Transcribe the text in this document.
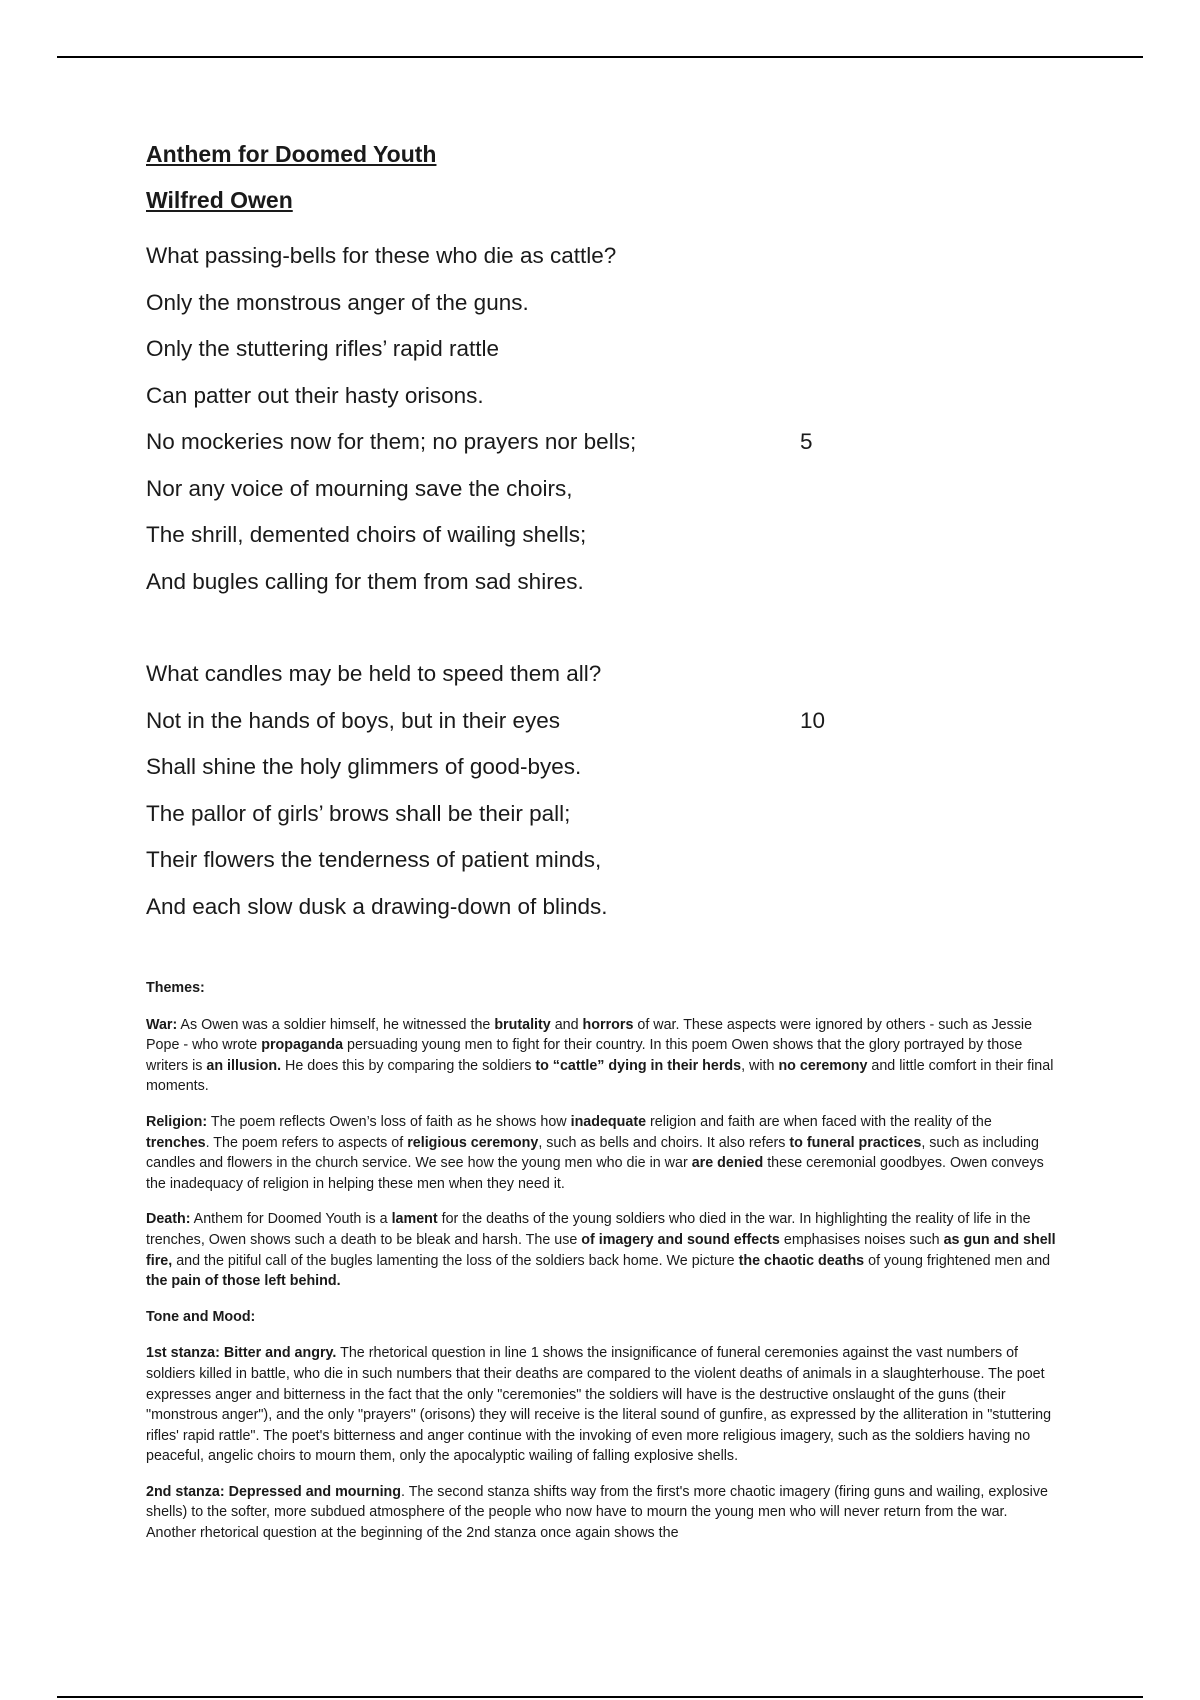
Anthem for Doomed Youth

Wilfred Owen

What passing-bells for these who die as cattle?
Only the monstrous anger of the guns.
Only the stuttering rifles’ rapid rattle
Can patter out their hasty orisons.
No mockeries now for them; no prayers nor bells;	5
Nor any voice of mourning save the choirs,
The shrill, demented choirs of wailing shells;
And bugles calling for them from sad shires.
What candles may be held to speed them all?
Not in the hands of boys, but in their eyes	10
Shall shine the holy glimmers of good-byes.
The pallor of girls’ brows shall be their pall;
Their flowers the tenderness of patient minds,
And each slow dusk a drawing-down of blinds.

Themes:

War: As Owen was a soldier himself, he witnessed the brutality and horrors of war. These aspects were ignored by others - such as Jessie Pope - who wrote propaganda persuading young men to fight for their country. In this poem Owen shows that the glory portrayed by those writers is an illusion. He does this by comparing the soldiers to “cattle” dying in their herds, with no ceremony and little comfort in their final moments.

Religion: The poem reflects Owen’s loss of faith as he shows how inadequate religion and faith are when faced with the reality of the trenches. The poem refers to aspects of religious ceremony, such as bells and choirs. It also refers to funeral practices, such as including candles and flowers in the church service. We see how the young men who die in war are denied these ceremonial goodbyes. Owen conveys the inadequacy of religion in helping these men when they need it.

Death: Anthem for Doomed Youth is a lament for the deaths of the young soldiers who died in the war. In highlighting the reality of life in the trenches, Owen shows such a death to be bleak and harsh. The use of imagery and sound effects emphasises noises such as gun and shell fire, and the pitiful call of the bugles lamenting the loss of the soldiers back home. We picture the chaotic deaths of young frightened men and the pain of those left behind.

Tone and Mood:

1st stanza: Bitter and angry. The rhetorical question in line 1 shows the insignificance of funeral ceremonies against the vast numbers of soldiers killed in battle, who die in such numbers that their deaths are compared to the violent deaths of animals in a slaughterhouse. The poet expresses anger and bitterness in the fact that the only "ceremonies" the soldiers will have is the destructive onslaught of the guns (their "monstrous anger"), and the only "prayers" (orisons) they will receive is the literal sound of gunfire, as expressed by the alliteration in "stuttering rifles' rapid rattle". The poet's bitterness and anger continue with the invoking of even more religious imagery, such as the soldiers having no peaceful, angelic choirs to mourn them, only the apocalyptic wailing of falling explosive shells.

2nd stanza: Depressed and mourning. The second stanza shifts way from the first's more chaotic imagery (firing guns and wailing, explosive shells) to the softer, more subdued atmosphere of the people who now have to mourn the young men who will never return from the war. Another rhetorical question at the beginning of the 2nd stanza once again shows the
